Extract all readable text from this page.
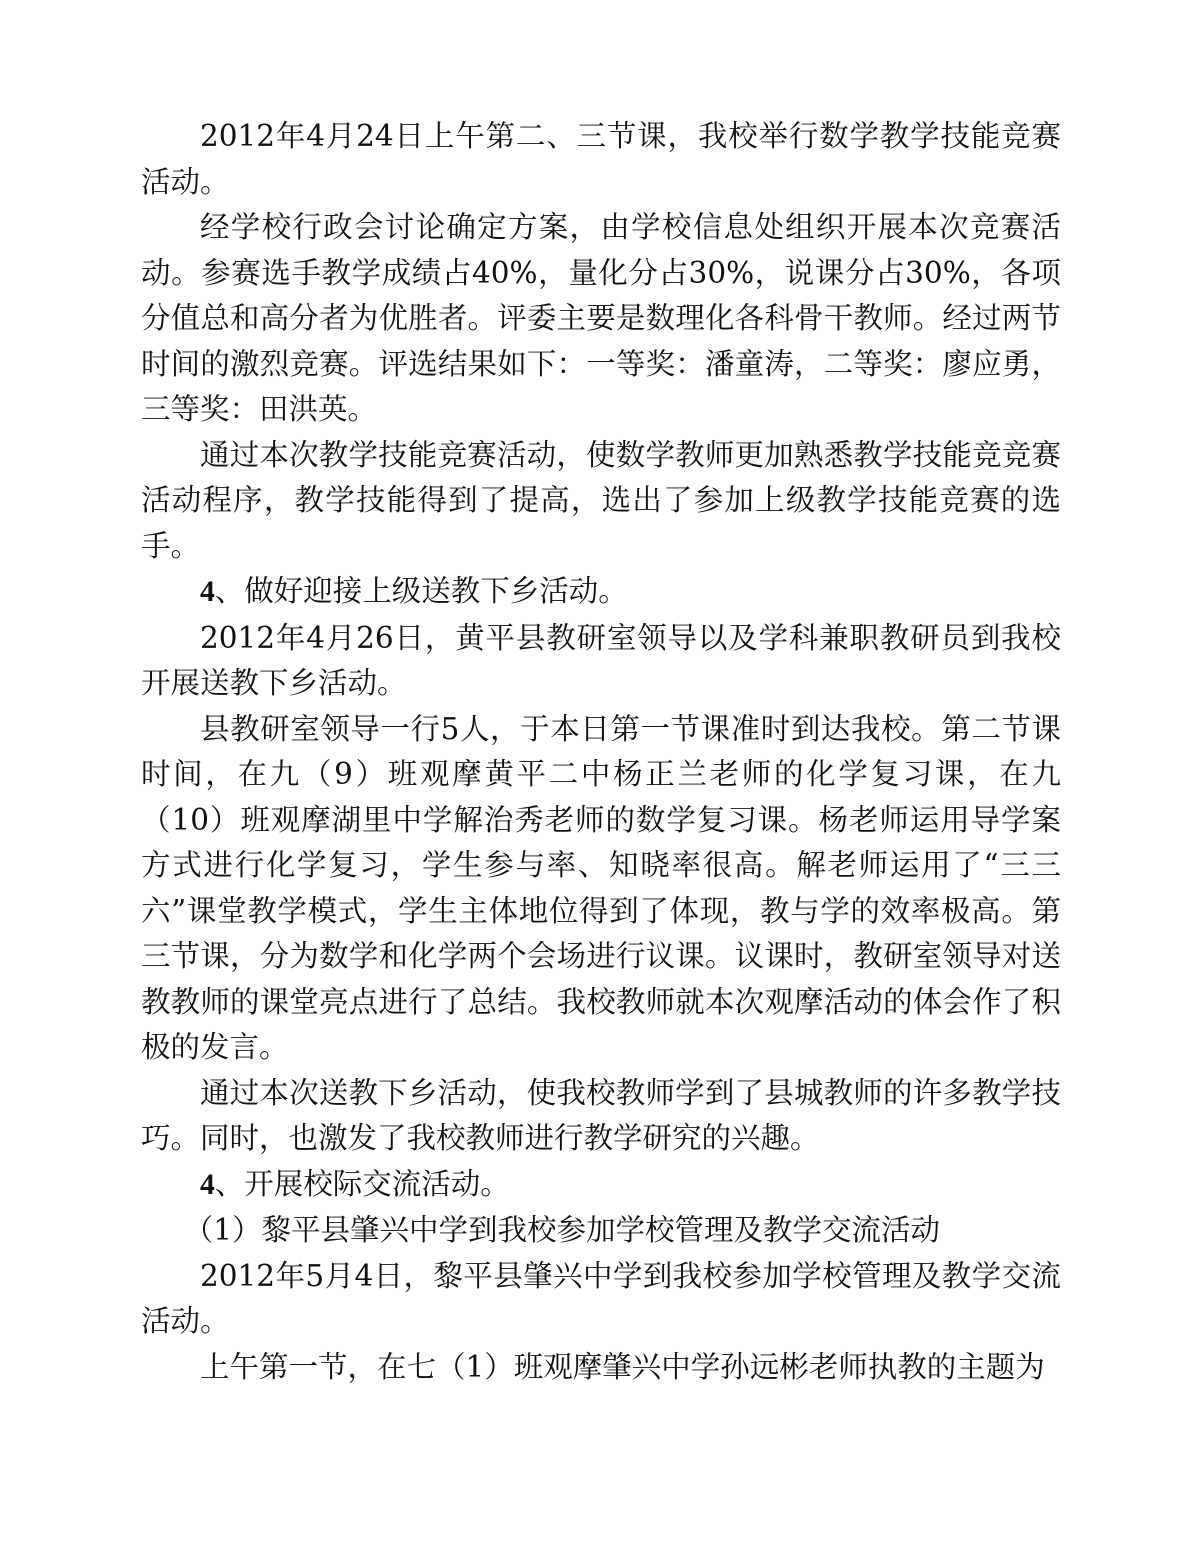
2012年4月24日上午第二、三节课，我校举行数学教学技能竞赛活动。

经学校行政会讨论确定方案，由学校信息处组织开展本次竞赛活动。参赛选手教学成绩占40%，量化分占30%，说课分占30%，各项分值总和高分者为优胜者。评委主要是数理化各科骨干教师。经过两节时间的激烈竞赛。评选结果如下：一等奖：潘童涛，二等奖：廖应勇，三等奖：田洪英。

通过本次教学技能竞赛活动，使数学教师更加熟悉教学技能竞竞赛活动程序，教学技能得到了提高，选出了参加上级教学技能竞赛的选手。

4、做好迎接上级送教下乡活动。

2012年4月26日，黄平县教研室领导以及学科兼职教研员到我校开展送教下乡活动。

县教研室领导一行5人，于本日第一节课准时到达我校。第二节课时间，在九（9）班观摩黄平二中杨正兰老师的化学复习课，在九（10）班观摩湖里中学解治秀老师的数学复习课。杨老师运用导学案方式进行化学复习，学生参与率、知晓率很高。解老师运用了“三三六”课堂教学模式，学生主体地位得到了体现，教与学的效率极高。第三节课，分为数学和化学两个会场进行议课。议课时，教研室领导对送教教师的课堂亮点进行了总结。我校教师就本次观摩活动的体会作了积极的发言。

通过本次送教下乡活动，使我校教师学到了县城教师的许多教学技巧。同时，也激发了我校教师进行教学研究的兴趣。

4、开展校际交流活动。

（1）黎平县肇兴中学到我校参加学校管理及教学交流活动

2012年5月4日，黎平县肇兴中学到我校参加学校管理及教学交流活动。

上午第一节，在七（1）班观摩肇兴中学孙远彬老师执教的主题为
